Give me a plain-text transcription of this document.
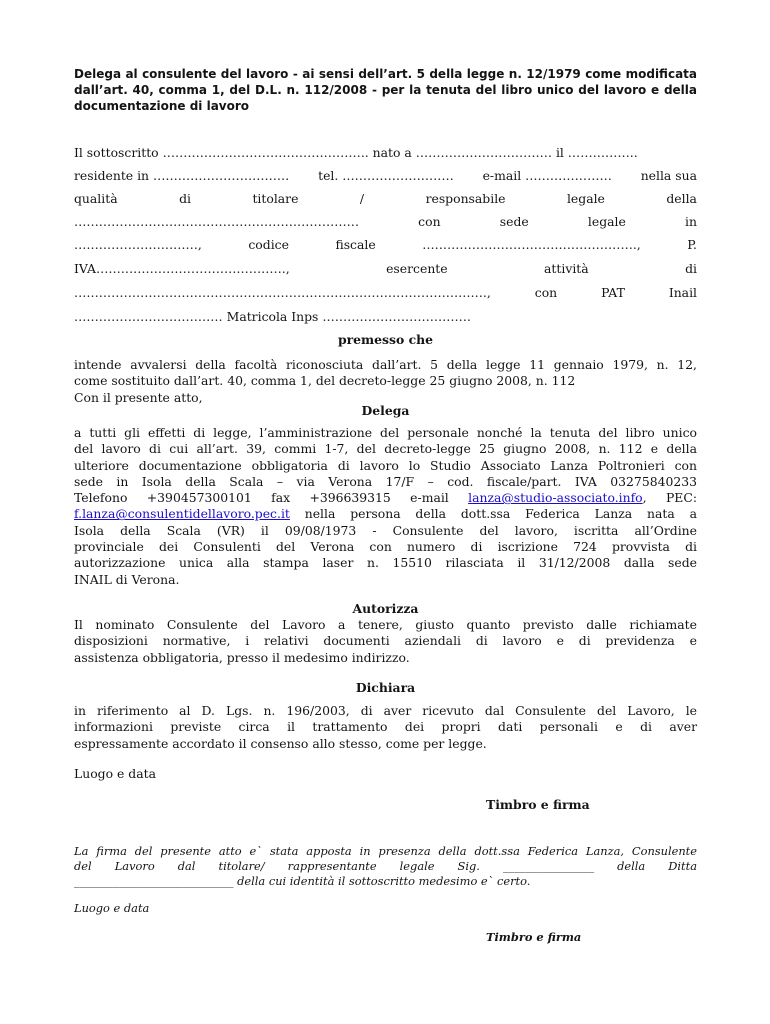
Delega al consulente del lavoro - ai sensi dell’art. 5 della legge n. 12/1979 come modificata dall’art. 40, comma 1, del D.L. n. 112/2008 - per la tenuta del libro unico del lavoro e della documentazione di lavoro
Il sottoscritto ………………………………………….. nato a …………………………… il ……………..
residente in …………………………… tel. ……………………… e-mail ………………… nella sua
qualità	di	titolare	/	responsabile	legale	della
……………………………………………………………	con	sede	legale	in
…………………………,	codice	fiscale	…………………………………………….,	P.
IVA……………………………………….,	esercente	attività	di
……………………………………………………………………………………….,	con	PAT	Inail
……………………………… Matricola Inps ………………………………
premesso che
intende avvalersi della facoltà riconosciuta dall’art. 5 della legge 11 gennaio 1979, n. 12,
come sostituito dall’art. 40, comma 1, del decreto-legge 25 giugno 2008, n. 112
Con il presente atto,
Delega
a tutti gli effetti di legge, l’amministrazione del personale nonché la tenuta del libro unico
del lavoro di cui all’art. 39, commi 1-7, del decreto-legge 25 giugno 2008, n. 112 e della
ulteriore documentazione obbligatoria di lavoro lo Studio Associato Lanza Poltronieri con
sede in Isola della Scala – via Verona 17/F – cod. fiscale/part. IVA 03275840233
Telefono +390457300101 fax +396639315 e-mail lanza@studio-associato.info, PEC:
f.lanza@consulentidellavoro.pec.it nella persona della dott.ssa Federica Lanza nata a
Isola della Scala (VR) il 09/08/1973 - Consulente del lavoro, iscritta all’Ordine
provinciale dei Consulenti del Verona con numero di iscrizione 724 provvista di
autorizzazione unica alla stampa laser n. 15510 rilasciata il 31/12/2008 dalla sede
INAIL di Verona.
Autorizza
Il nominato Consulente del Lavoro a tenere, giusto quanto previsto dalle richiamate
disposizioni normative, i relativi documenti aziendali di lavoro e di previdenza e
assistenza obbligatoria, presso il medesimo indirizzo.
Dichiara
in riferimento al D. Lgs. n. 196/2003, di aver ricevuto dal Consulente del Lavoro, le
informazioni previste circa il trattamento dei propri dati personali e di aver
espressamente accordato il consenso allo stesso, come per legge.
Luogo e data
Timbro e firma
La firma del presente atto e` stata apposta in presenza della dott.ssa Federica Lanza, Consulente
del Lavoro dal titolare/ rappresentante legale Sig. ________________ della Ditta
____________________________ della cui identità il sottoscritto medesimo e` certo.
Luogo e data
Timbro e firma
